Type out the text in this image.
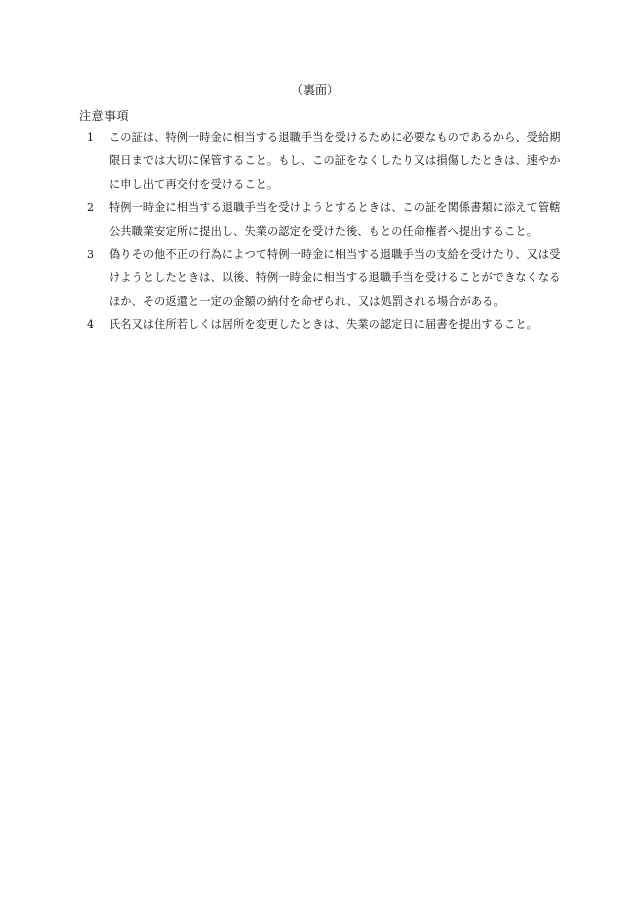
（裏面）
注意事項
1 この証は、特例一時金に相当する退職手当を受けるために必要なものであるから、受給期限日までは大切に保管すること。もし、この証をなくしたり又は損傷したときは、速やかに申し出て再交付を受けること。
2 特例一時金に相当する退職手当を受けようとするときは、この証を関係書類に添えて管轄公共職業安定所に提出し、失業の認定を受けた後、もとの任命権者へ提出すること。
3 偽りその他不正の行為によつて特例一時金に相当する退職手当の支給を受けたり、又は受けようとしたときは、以後、特例一時金に相当する退職手当を受けることができなくなるほか、その返還と一定の金額の納付を命ぜられ、又は処罰される場合がある。
4 氏名又は住所若しくは居所を変更したときは、失業の認定日に届書を提出すること。
